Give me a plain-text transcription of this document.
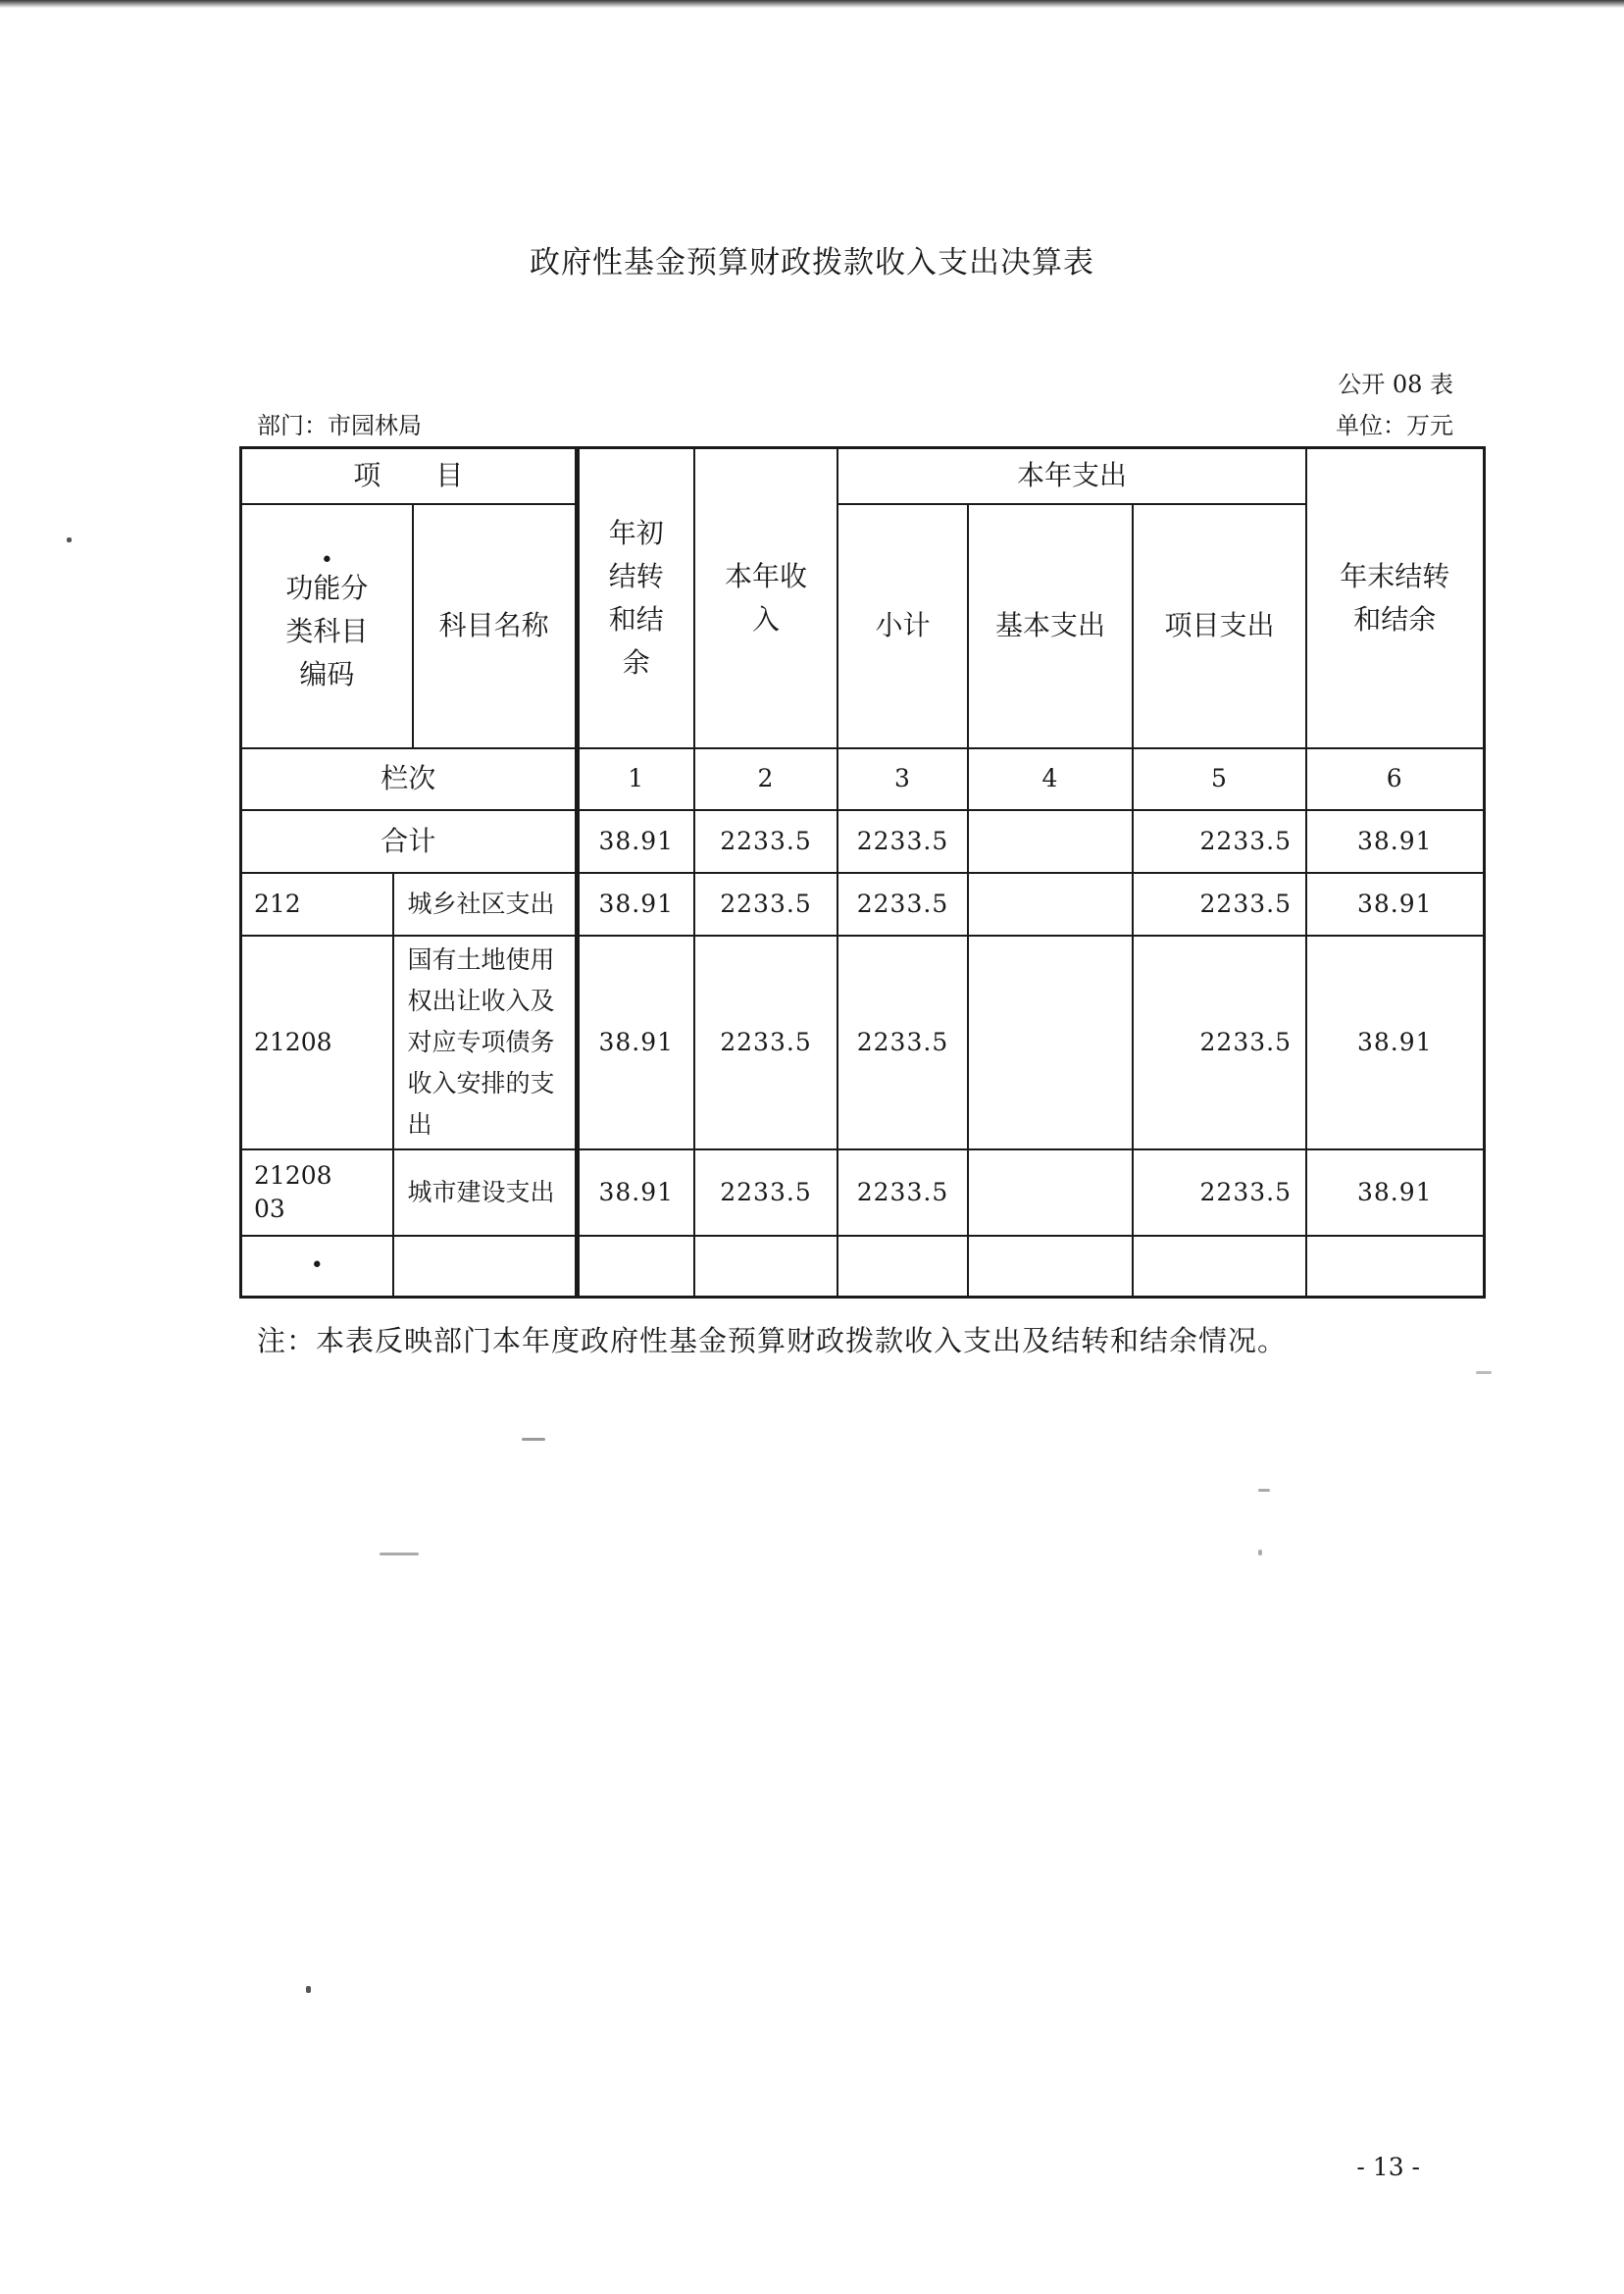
政府性基金预算财政拨款收入支出决算表
公开 08 表
部门：市园林局	单位：万元
项　　目			年初结转和结余	本年收入	本年支出			年末结转和结余

•
功能分类科目编码		科目名称			小计	基本支出	项目支出	
栏次			1	2	3	4	5	6
合计			38.91	2233.5	2233.5		2233.5	38.91
212	城乡社区支出		38.91	2233.5	2233.5		2233.5	38.91
21208	国有土地使用权出让收入及对应专项债务收入安排的支出		38.91	2233.5	2233.5		2233.5	38.91

2120803	城市建设支出		38.91	2233.5	2233.5		2233.5	38.91

•								

注：本表反映部门本年度政府性基金预算财政拨款收入支出及结转和结余情况。
- 13 -
